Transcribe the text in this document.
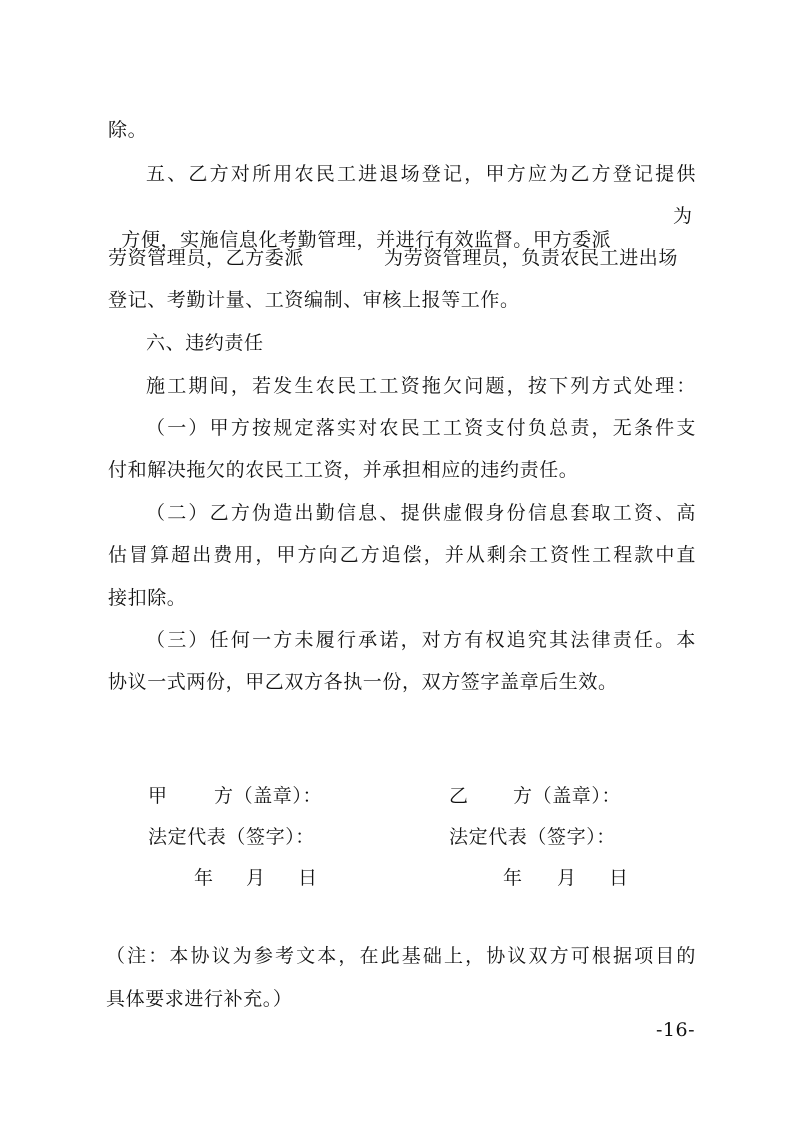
除。
五、乙方对所用农民工进退场登记，甲方应为乙方登记提供

方便，实施信息化考勤管理，并进行有效监督。甲方委派

为
劳资管理员，乙方委派	为劳资管理员，负责农民工进出场
登记、考勤计量、工资编制、审核上报等工作。
六、违约责任
施工期间，若发生农民工工资拖欠问题，按下列方式处理：
（一）甲方按规定落实对农民工工资支付负总责，无条件支
付和解决拖欠的农民工工资，并承担相应的违约责任。
（二）乙方伪造出勤信息、提供虚假身份信息套取工资、高
估冒算超出费用，甲方向乙方追偿，并从剩余工资性工程款中直
接扣除。
（三）任何一方未履行承诺，对方有权追究其法律责任。本
协议一式两份，甲乙双方各执一份，双方签字盖章后生效。
甲 方（盖章）：
法定代表（签字）：
年 月 日
乙 方（盖章）：
法定代表（签字）：
年 月 日
（注：本协议为参考文本，在此基础上，协议双方可根据项目的
具体要求进行补充。）
-16-
